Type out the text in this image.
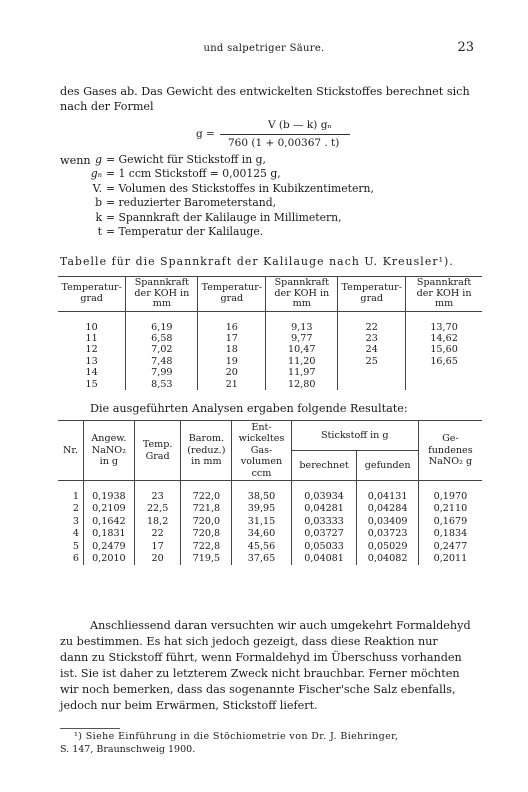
und salpetriger Säure.	23
des Gases ab. Das Gewicht des entwickelten Stickstoffes berechnet sich
nach der Formel
g =
V (b — k) gₙ
760 (1 + 0,00367 . t)
wenn g = Gewicht für Stickstoff in g,
gₙ = 1 ccm Stickstoff = 0,00125 g,
V. = Volumen des Stickstoffes in Kubikzentimetern,
b = reduzierter Barometerstand,
k = Spannkraft der Kalilauge in Millimetern,
t = Temperatur der Kalilauge.
Tabelle für die Spannkraft der Kalilauge nach U. Kreusler¹).
Temperatur-grad	Spannkraft der KOH in mm	Temperatur-grad	Spannkraft der KOH in mm	Temperatur-grad	Spannkraft der KOH in mm
10	6,19	16	9,13	22	13,70
11	6,58	17	9,77	23	14,62
12	7,02	18	10,47	24	15,60
13	7,48	19	11,20	25	16,65
14	7,99	20	11,97		
15	8,53	21	12,80		
Die ausgeführten Analysen ergaben folgende Resultate:
Nr.	Angew. NaNO₂ in g	Temp. Grad	Barom. (reduz.) in mm	Ent-wickeltes Gas-volumen ccm	Stickstoff in g		Ge-fundenes NaNO₂ g
					berechnet	gefunden	
1	0,1938	23	722,0	38,50	0,03934	0,04131	0,1970
2	0,2109	22,5	721,8	39,95	0,04281	0,04284	0,2110
3	0,1642	18,2	720,0	31,15	0,03333	0,03409	0,1679
4	0,1831	22	720,8	34,60	0,03727	0,03723	0,1834
5	0,2479	17	722,8	45,56	0,05033	0,05029	0,2477
6	0,2010	20	719,5	37,65	0,04081	0,04082	0,2011
Anschliessend daran versuchten wir auch umgekehrt Formaldehyd
zu bestimmen. Es hat sich jedoch gezeigt, dass diese Reaktion nur
dann zu Stickstoff führt, wenn Formaldehyd im Überschuss vorhanden
ist. Sie ist daher zu letzterem Zweck nicht brauchbar. Ferner möchten
wir noch bemerken, dass das sogenannte Fischer'sche Salz ebenfalls,
jedoch nur beim Erwärmen, Stickstoff liefert.
¹) Siehe Einführung in die Stöchiometrie von Dr. J. Biehringer,
S. 147, Braunschweig 1900.
